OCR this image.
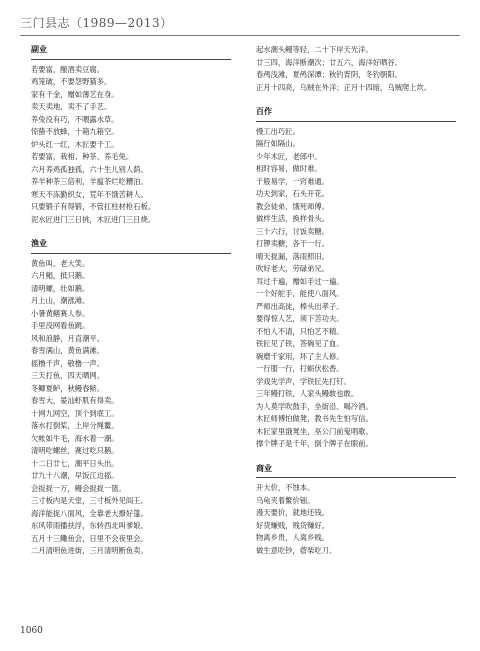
三门县志（1989—2013）
副业
若要富，酿酒卖豆腐。
鸡笼破，不要怨野猫多。
家有千金，赠如薄艺在身。
卖天卖地，卖不了手艺。
养兔没有巧，不喂露水草。
惊蛰不放蜂，十箱九箱空。
炉头红一红，木匠要千工。
若要富，栽相、种茶、养毛兔。
六月养鸡孤独孤，六十生儿别人荫。
养羊种茶三倍利，羊瘟茶烂吃糟泊。
寒天不冻勤织女，荒年不饿苦耕人。
只要锻子有得锻，不管扛柱材枪石板。
泥水匠进门三日挑，木匠进门三日烧。
渔业
黄鱼叫，老大笑。
六月鲳，抵只鹅。
清明螺，壮如鹅。
月上山，潮涨滩。
小暑黄鳝赛人参。
手里没网看鱼跳。
风和浪静，月直潮平。
春雪满山，黄鱼满滩。
摇橹千声，敬橹一声。
三天打鱼，四天晒网。
冬鲫夏鲈，秋鳗春鲚。
春雪大，晏汕虾肌有得卖。
十网九网空，顶个到底工。
落水打倒桨，上岸分绳鳌。
欠帐如牛毛，海水着一潮。
清明吃螺丝，赛过吃只鹅。
十二日廿七，潮平日头出。
廿九十八潮，早饭江边摇。
会捉捉一万，鳗会捉捉一篮。
三寸板内是天堂，三寸板外见阎王。
海洋能捉八面风，全靠老大撩好篷。
东风带雨播扶浮，东转西北叫爹娘。
五月十三鳓鱼会，日里不会夜里会。
二月清明鱼进街，三月清明断鱼卖。
起水潮头鳗等轻，二十下岸天光洋。
廿三四，海洋断潮次；廿五六，海洋好晒谷。
春鸬浅滩，夏鸬深潭；秋钓背阴，冬钓朝阳。
正月十四亮，乌贼在外洋；正月十四暗，乌贼爬上坎。
百作
慢工出巧匠。
隔行如隔山。
少年木匠，老郎中。
相时容易，做时难。
千般易学，一窍难通。
功夫到家，石头开花。
教会徒弟，饿死师傅。
做样生活，换样骨头。
三十六行，讨饭卖糖。
打锣卖糖，各干一行。
晴天捉漏，落雨照旧。
吹好老大，劳碌弟兄。
耳过千遍，赠如手过一遍。
一个好舵手，能使八面风。
严师出高徒，棒头出孝子。
要得惊人艺，须下苦功夫。
不怕人不请，只怕艺不精。
铁匠见了铁，答碗见了血。
碗磨千家用，坏了主人修。
一行服一行，打蛎伏松香。
学戏先学声，学铁匠先打钉。
三年鳗打铁，人家头鳗敢也敢。
为人莫学吹鼓手，坐街沿、喝冷酒。
木匠师傅怕做凳，教书先生怕写信。
木匠家里饿凳坐，巫公门前鬼唱歌。
撑个牌子是千年，倒个牌子在眼前。
商业
开大价，不蚀本。
乌龟夹着鳖价钿。
漫天要价，就地还钱。
好货赚贱，贱货赚好。
物离乡贵，人离乡贱。
做生意吃钞，蓿柴吃刀。
1060
